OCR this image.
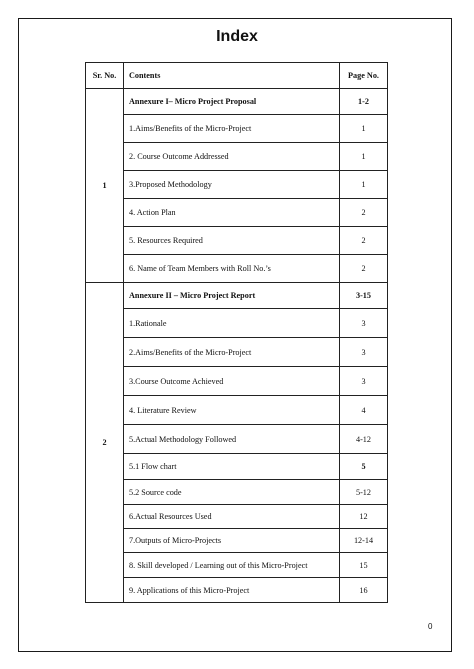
Index
Sr. No.	Contents	Page No.
1	Annexure I– Micro Project Proposal	1-2
	1.Aims/Benefits of the Micro-Project	1
	2. Course Outcome Addressed	1
	3.Proposed Methodology	1
	4. Action Plan	2
	5. Resources Required	2
	6. Name of Team Members with Roll No.’s	2
2	Annexure II – Micro Project Report	3-15
	1.Rationale	3
	2.Aims/Benefits of the Micro-Project	3
	3.Course Outcome Achieved	3
	4. Literature Review	4
	5.Actual Methodology Followed	4-12
	5.1 Flow chart	5
	5.2 Source code	5-12
	6.Actual Resources Used	12
	7.Outputs of Micro-Projects	12-14
	8. Skill developed / Learning out of this Micro-Project	15
	9. Applications of this Micro-Project	16
0
